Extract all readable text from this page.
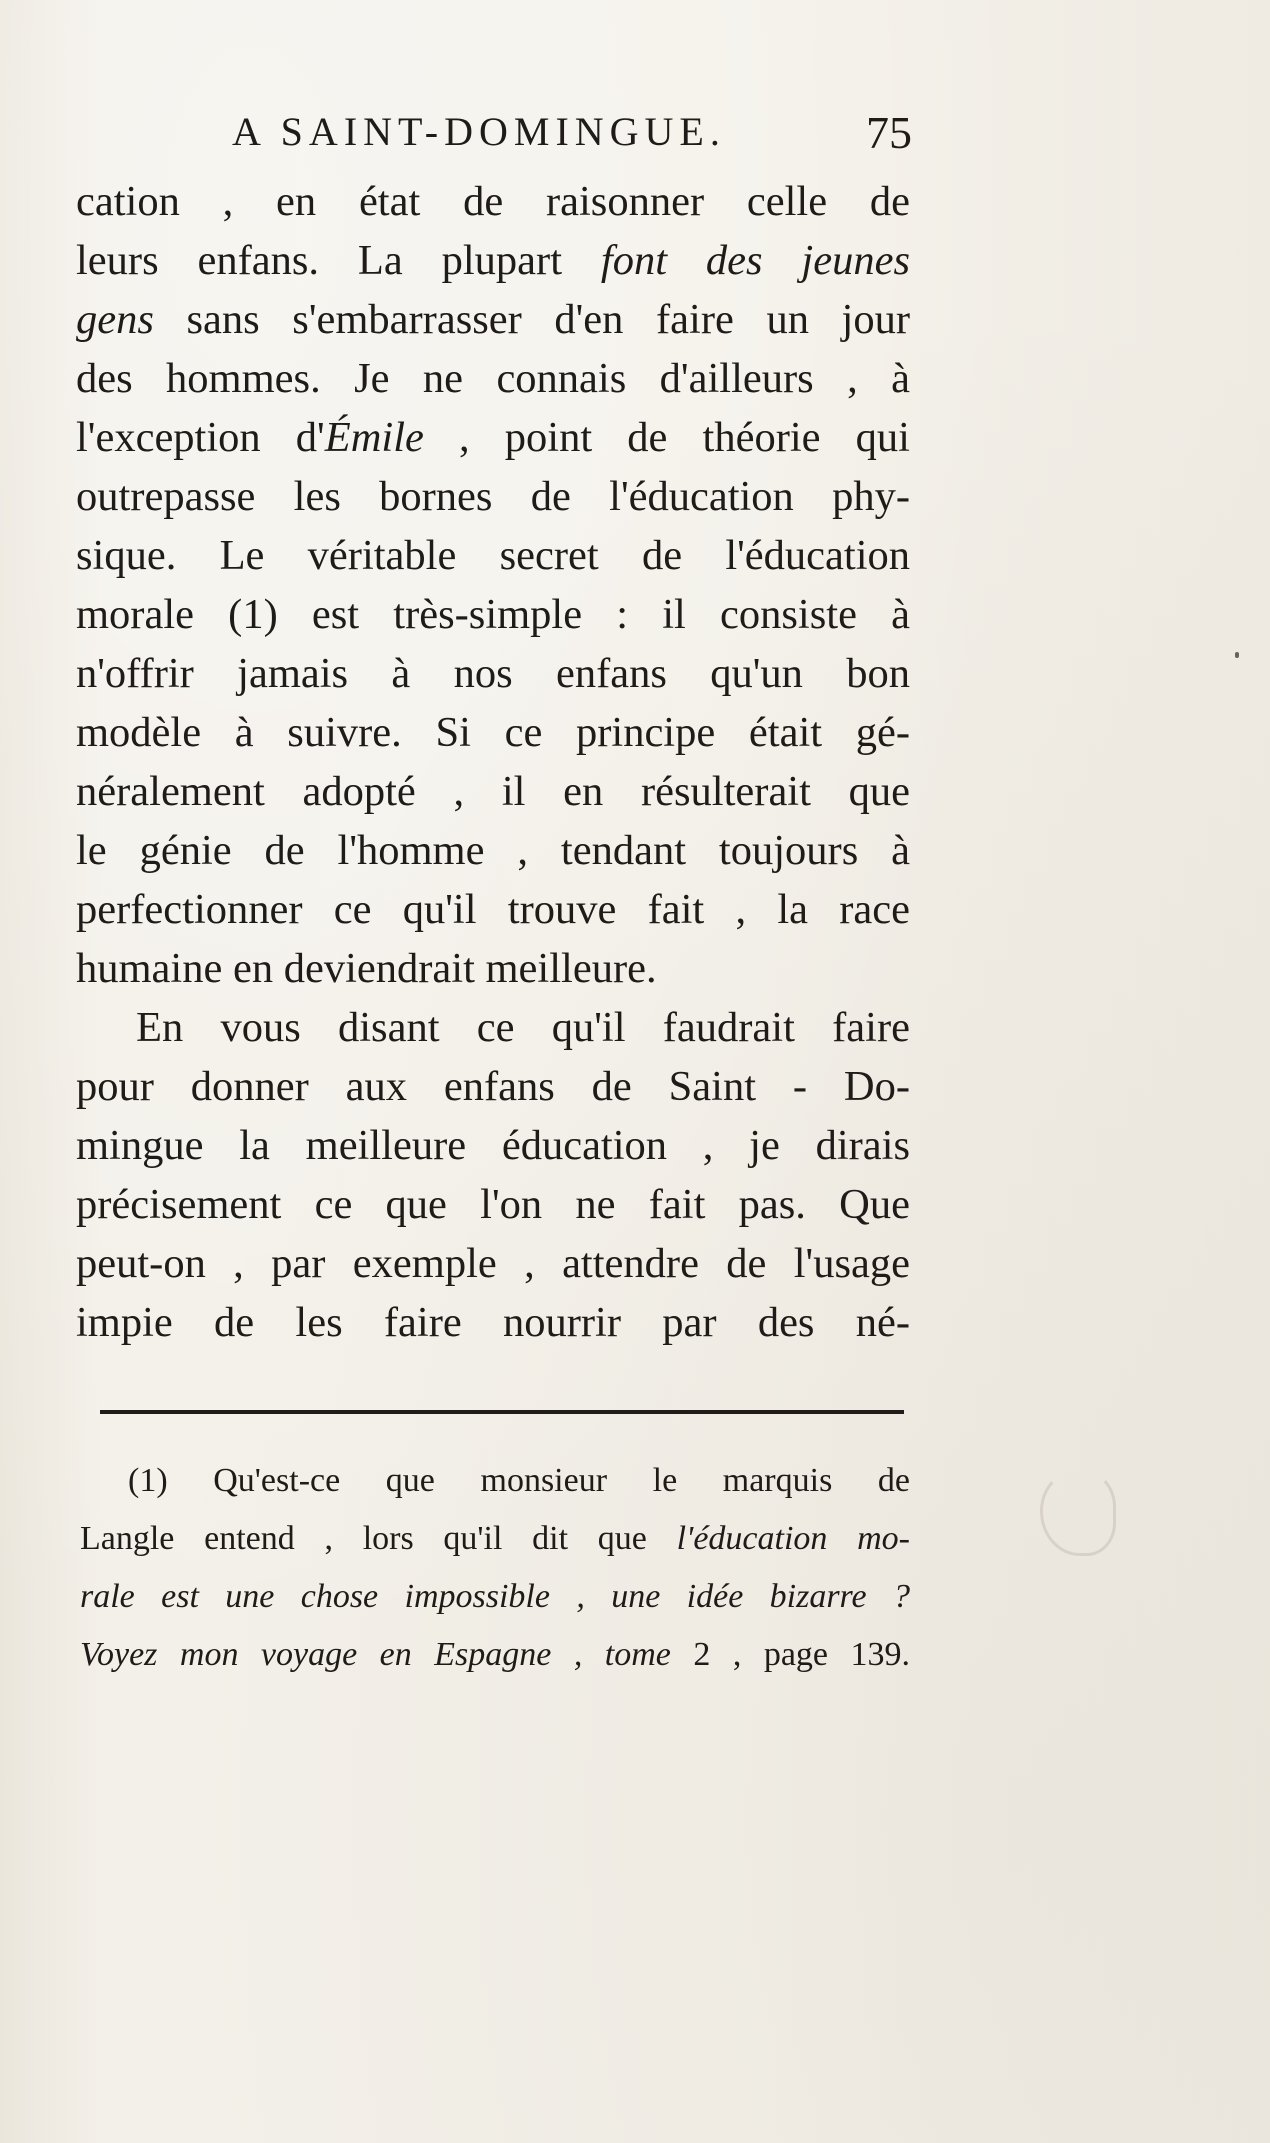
A SAINT-DOMINGUE.	75
cation , en état de raisonner celle de
leurs enfans. La plupart font des jeunes
gens sans s'embarrasser d'en faire un jour
des hommes. Je ne connais d'ailleurs , à
l'exception d'Émile , point de théorie qui
outrepasse les bornes de l'éducation phy-
sique. Le véritable secret de l'éducation
morale (1) est très-simple : il consiste à
n'offrir jamais à nos enfans qu'un bon
modèle à suivre. Si ce principe était gé-
néralement adopté , il en résulterait que
le génie de l'homme , tendant toujours à
perfectionner ce qu'il trouve fait , la race
humaine en deviendrait meilleure.
En vous disant ce qu'il faudrait faire
pour donner aux enfans de Saint - Do-
mingue la meilleure éducation , je dirais
précisement ce que l'on ne fait pas. Que
peut-on , par exemple , attendre de l'usage
impie de les faire nourrir par des né-
(1) Qu'est-ce que monsieur le marquis de
Langle entend , lors qu'il dit que l'éducation mo-
rale est une chose impossible , une idée bizarre ?
Voyez mon voyage en Espagne , tome 2 , page 139.
